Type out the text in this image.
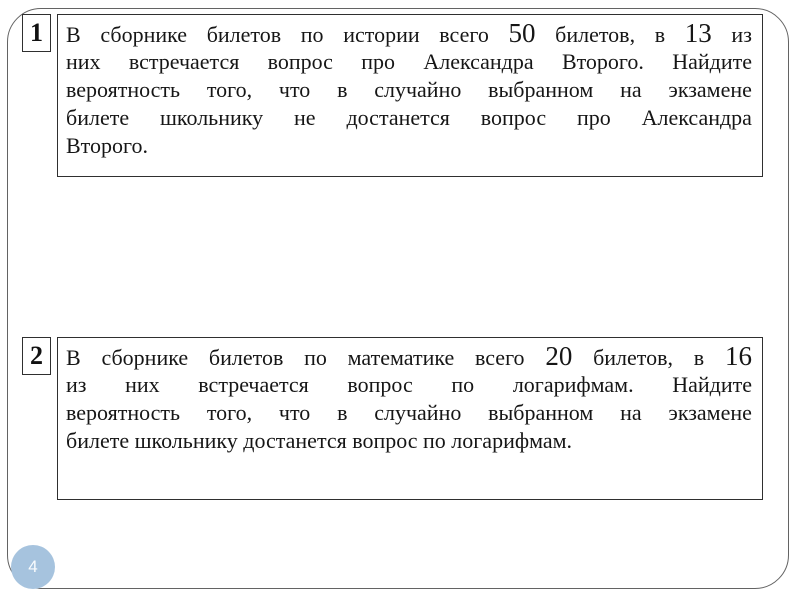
1 В сборнике билетов по истории всего 50 билетов, в 13 из
них встречается вопрос про Александра Второго. Найдите
вероятность того, что в случайно выбранном на экзамене
билете школьнику не достанется вопрос про Александра
Второго.
2 В сборнике билетов по математике всего 20 билетов, в 16
из них встречается вопрос по логарифмам. Найдите
вероятность того, что в случайно выбранном на экзамене
билете школьнику достанется вопрос по логарифмам.
4
